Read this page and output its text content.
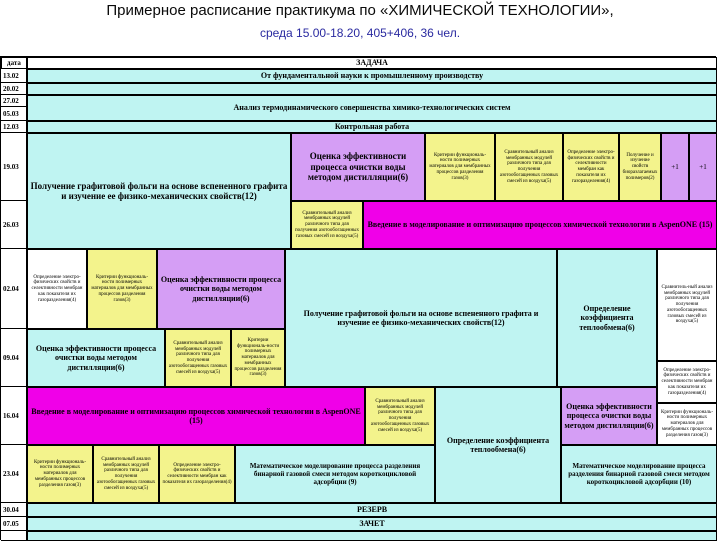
Примерное расписание практикума по «ХИМИЧЕСКОЙ ТЕХНОЛОГИИ»,
среда 15.00-18.20, 405+406, 36 чел.
дата	ЗАДАЧА
13.02
20.02
27.02
05.03
12.03
19.03
26.03
02.04
09.04
16.04
23.04
30.04
07.05
От фундаментальной науки к промышленному производству
Анализ термодинамического совершенства химико-технологических систем
Контрольная работа
Получение графитовой фольги на основе вспененного графита и изучение ее физико-механических свойств(12)
Оценка эффективности процесса очистки воды методом дистилляции(6)
Критерии функциональ-ности полимерных материалов для мембранных процессов разделения газов(3)
Сравнительный анализ мембранных модулей различного типа для получения азотообогащенных газовых смесей из воздуха(5)
Определение электро-физических свойств и селективности мембран как показателя их газоразделения(4)
Получение и изучение свойств биоразлагаемых полимеров(2)
+1	+1
Сравнительный анализ мембранных модулей различного типа для получения азотообогащенных газовых смесей из воздуха(5)
Введение в моделирование и оптимизацию процессов химической технологии в AspenONE (15)
Определение электро-физических свойств и селективности мембран как показателя их газоразделения(4)
Критерии функциональ-ности полимерных материалов для мембранных процессов разделения газов(3)
Оценка эффективности процесса очистки воды методом дистилляции(6)
Получение графитовой фольги на основе вспененного графита и изучение ее физико-механических свойств(12)
Определение коэффициента теплообмена(6)
Сравнитель-ный анализ мембранных модулей различного типа для получения азотообогащенных газовых смесей из воздуха(5)
Оценка эффективности процесса очистки воды методом дистилляции(6)
Сравнительный анализ мембранных модулей различного типа для получения азотообогащенных газовых смесей из воздуха(5)
Критерии функциональ-ности полимерных материалов для мембранных процессов разделения газов(3)
Определение электро-физических свойств и селективности мембран как показателя их газоразделения(4)
Введение в моделирование и оптимизацию процессов химической технологии в AspenONE (15)
Сравнительный анализ мембранных модулей различного типа для получения азотообогащенных газовых смесей из воздуха(5)
Определение коэффициента теплообмена(6)
Оценка эффективности процесса очистки воды методом дистилляции(6)
Критерии функциональ-ности полимерных материалов для мембранных процессов разделения газов(3)
Критерии функциональ-ности полимерных материалов для мембранных процессов разделения газов(3)
Сравнительный анализ мембранных модулей различного типа для получения азотообогащенных газовых смесей из воздуха(5)
Определение электро-физических свойств и селективности мембран как показателя их газоразделения(4)
Математическое моделирование процесса разделения бинарной газовой смеси методом короткоцикловой адсорбции (9)
Математическое моделирование процесса разделения бинарной газовой смеси методом короткоцикловой адсорбции (10)
РЕЗЕРВ
ЗАЧЕТ
